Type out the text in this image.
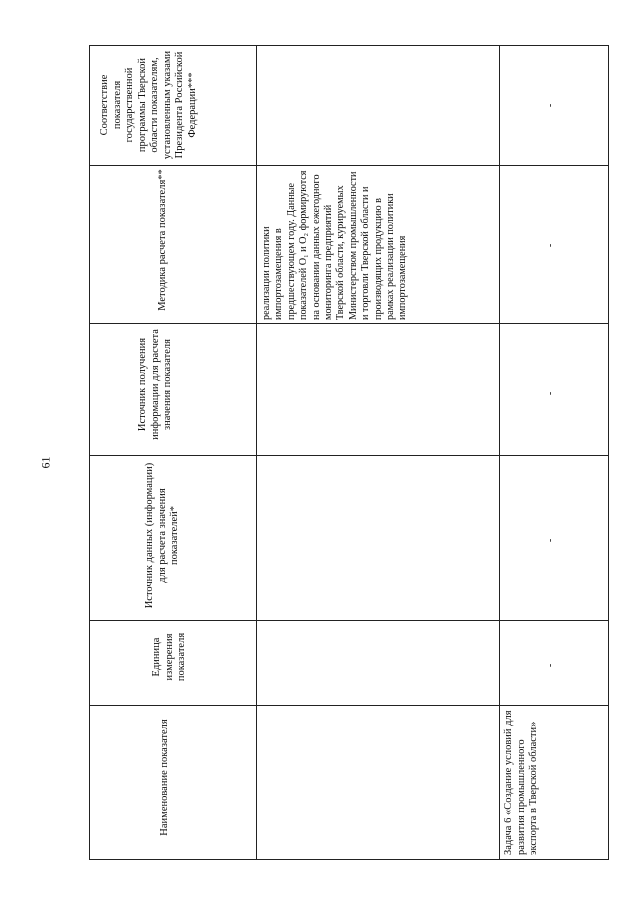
61
Соответствие показателя государственной программы Тверской области показателям, установленным указами Президента Российской Федерации***
Методика расчета показателя**
Источник получения информации для расчета значения показателя
Источник данных (информации) для расчета значения показателей*
Единица измерения показателя
Наименование показателя
реализации политики импортозамещения в предшествующем году. Данные показателей О₁ и О₂ формируются на основании данных ежегодного мониторинга предприятий Тверской области, курируемых Министерством промышленности и торговли Тверской области и производящих продукцию в рамках реализации политики импортозамещения
-
-
-
-
-
Задача 6 «Создание условий для развития промышленного экспорта в Тверской области»
